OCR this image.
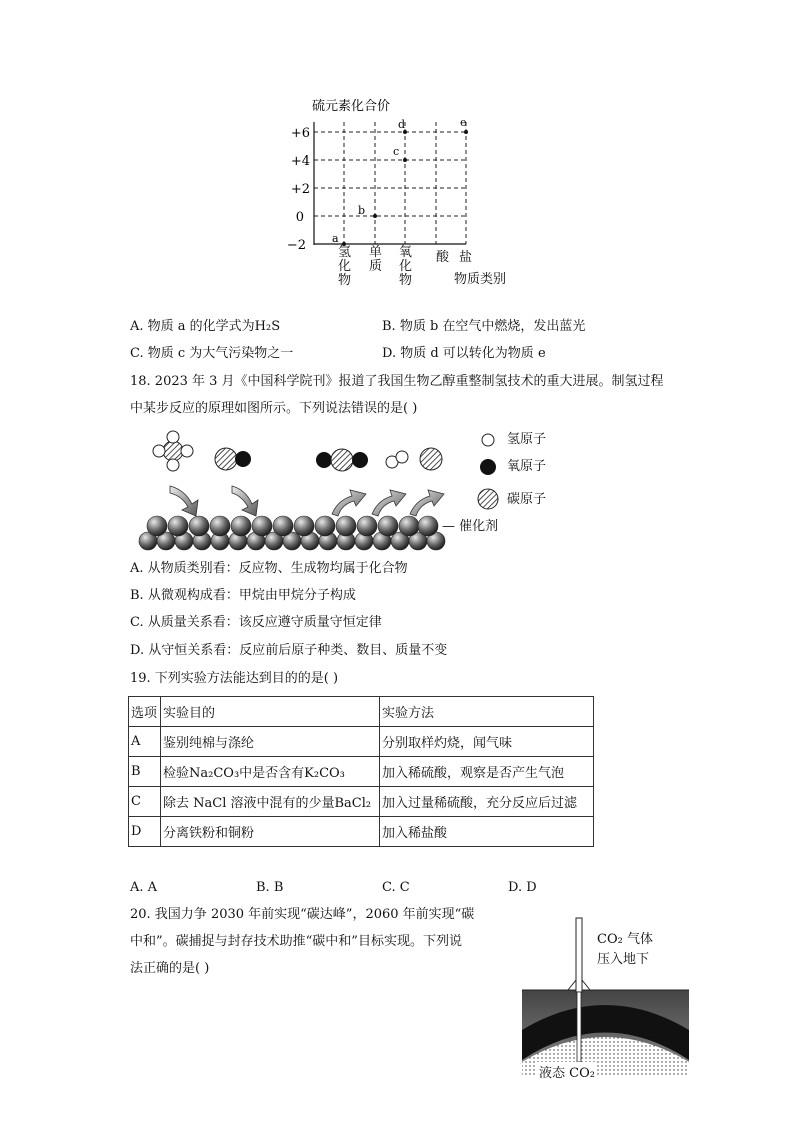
硫元素化合价
+6
+4
+2
0
−2 a
b
c
d	e
氢化物
单质
氧化物
酸 盐
物质类别
A. 物质 a 的化学式为H₂S	B. 物质 b 在空气中燃烧，发出蓝光
C. 物质 c 为大气污染物之一	D. 物质 d 可以转化为物质 e
18. 2023 年 3 月《中国科学院刊》报道了我国生物乙醇重整制氢技术的重大进展。制氢过程
中某步反应的原理如图所示。下列说法错误的是( )
氢原子
氧原子
碳原子
— 催化剂
A. 从物质类别看：反应物、生成物均属于化合物
B. 从微观构成看：甲烷由甲烷分子构成
C. 从质量关系看：该反应遵守质量守恒定律
D. 从守恒关系看：反应前后原子种类、数目、质量不变
19. 下列实验方法能达到目的的是( )
选项	实验目的	实验方法
A	鉴别纯棉与涤纶	分别取样灼烧，闻气味
B	检验Na₂CO₃中是否含有K₂CO₃	加入稀硫酸，观察是否产生气泡
C	除去 NaCl 溶液中混有的少量BaCl₂	加入过量稀硫酸，充分反应后过滤
D	分离铁粉和铜粉	加入稀盐酸
A. A	B. B	C. C	D. D
20. 我国力争 2030 年前实现“碳达峰”，2060 年前实现“碳
中和”。碳捕捉与封存技术助推“碳中和”目标实现。下列说
法正确的是( )
CO₂ 气体
压入地下
液态 CO₂
